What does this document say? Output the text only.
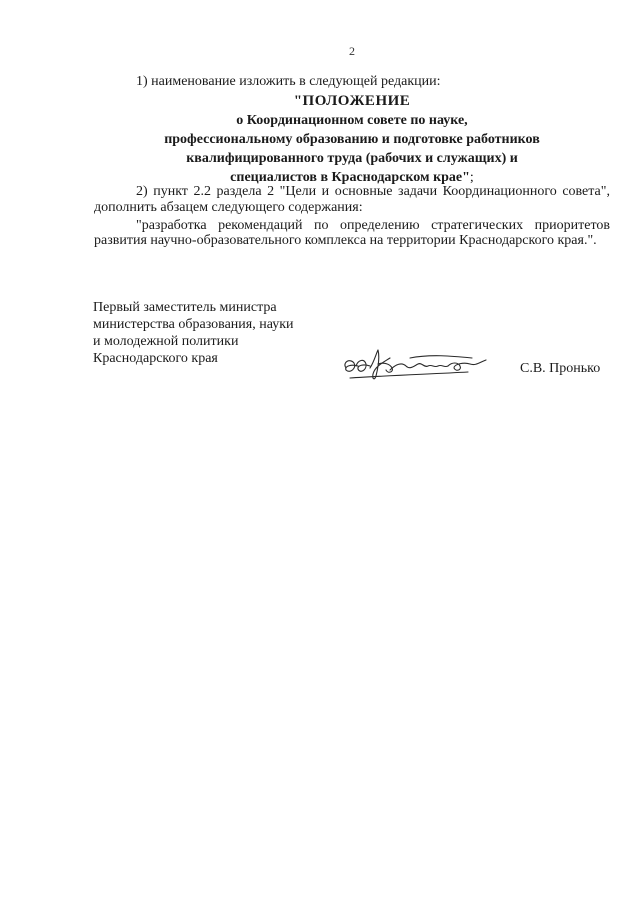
2

1) наименование изложить в следующей редакции:

"ПОЛОЖЕНИЕ
о Координационном совете по науке,
профессиональному образованию и подготовке работников
квалифицированного труда (рабочих и служащих) и
специалистов в Краснодарском крае";

2) пункт 2.2 раздела 2 "Цели и основные задачи Координационного совета", дополнить абзацем следующего содержания:

"разработка рекомендаций по определению стратегических приоритетов развития научно-образовательного комплекса на территории Краснодарского края.".

Первый заместитель министра
министерства образования, науки
и молодежной политики
Краснодарского края
С.В. Пронько
